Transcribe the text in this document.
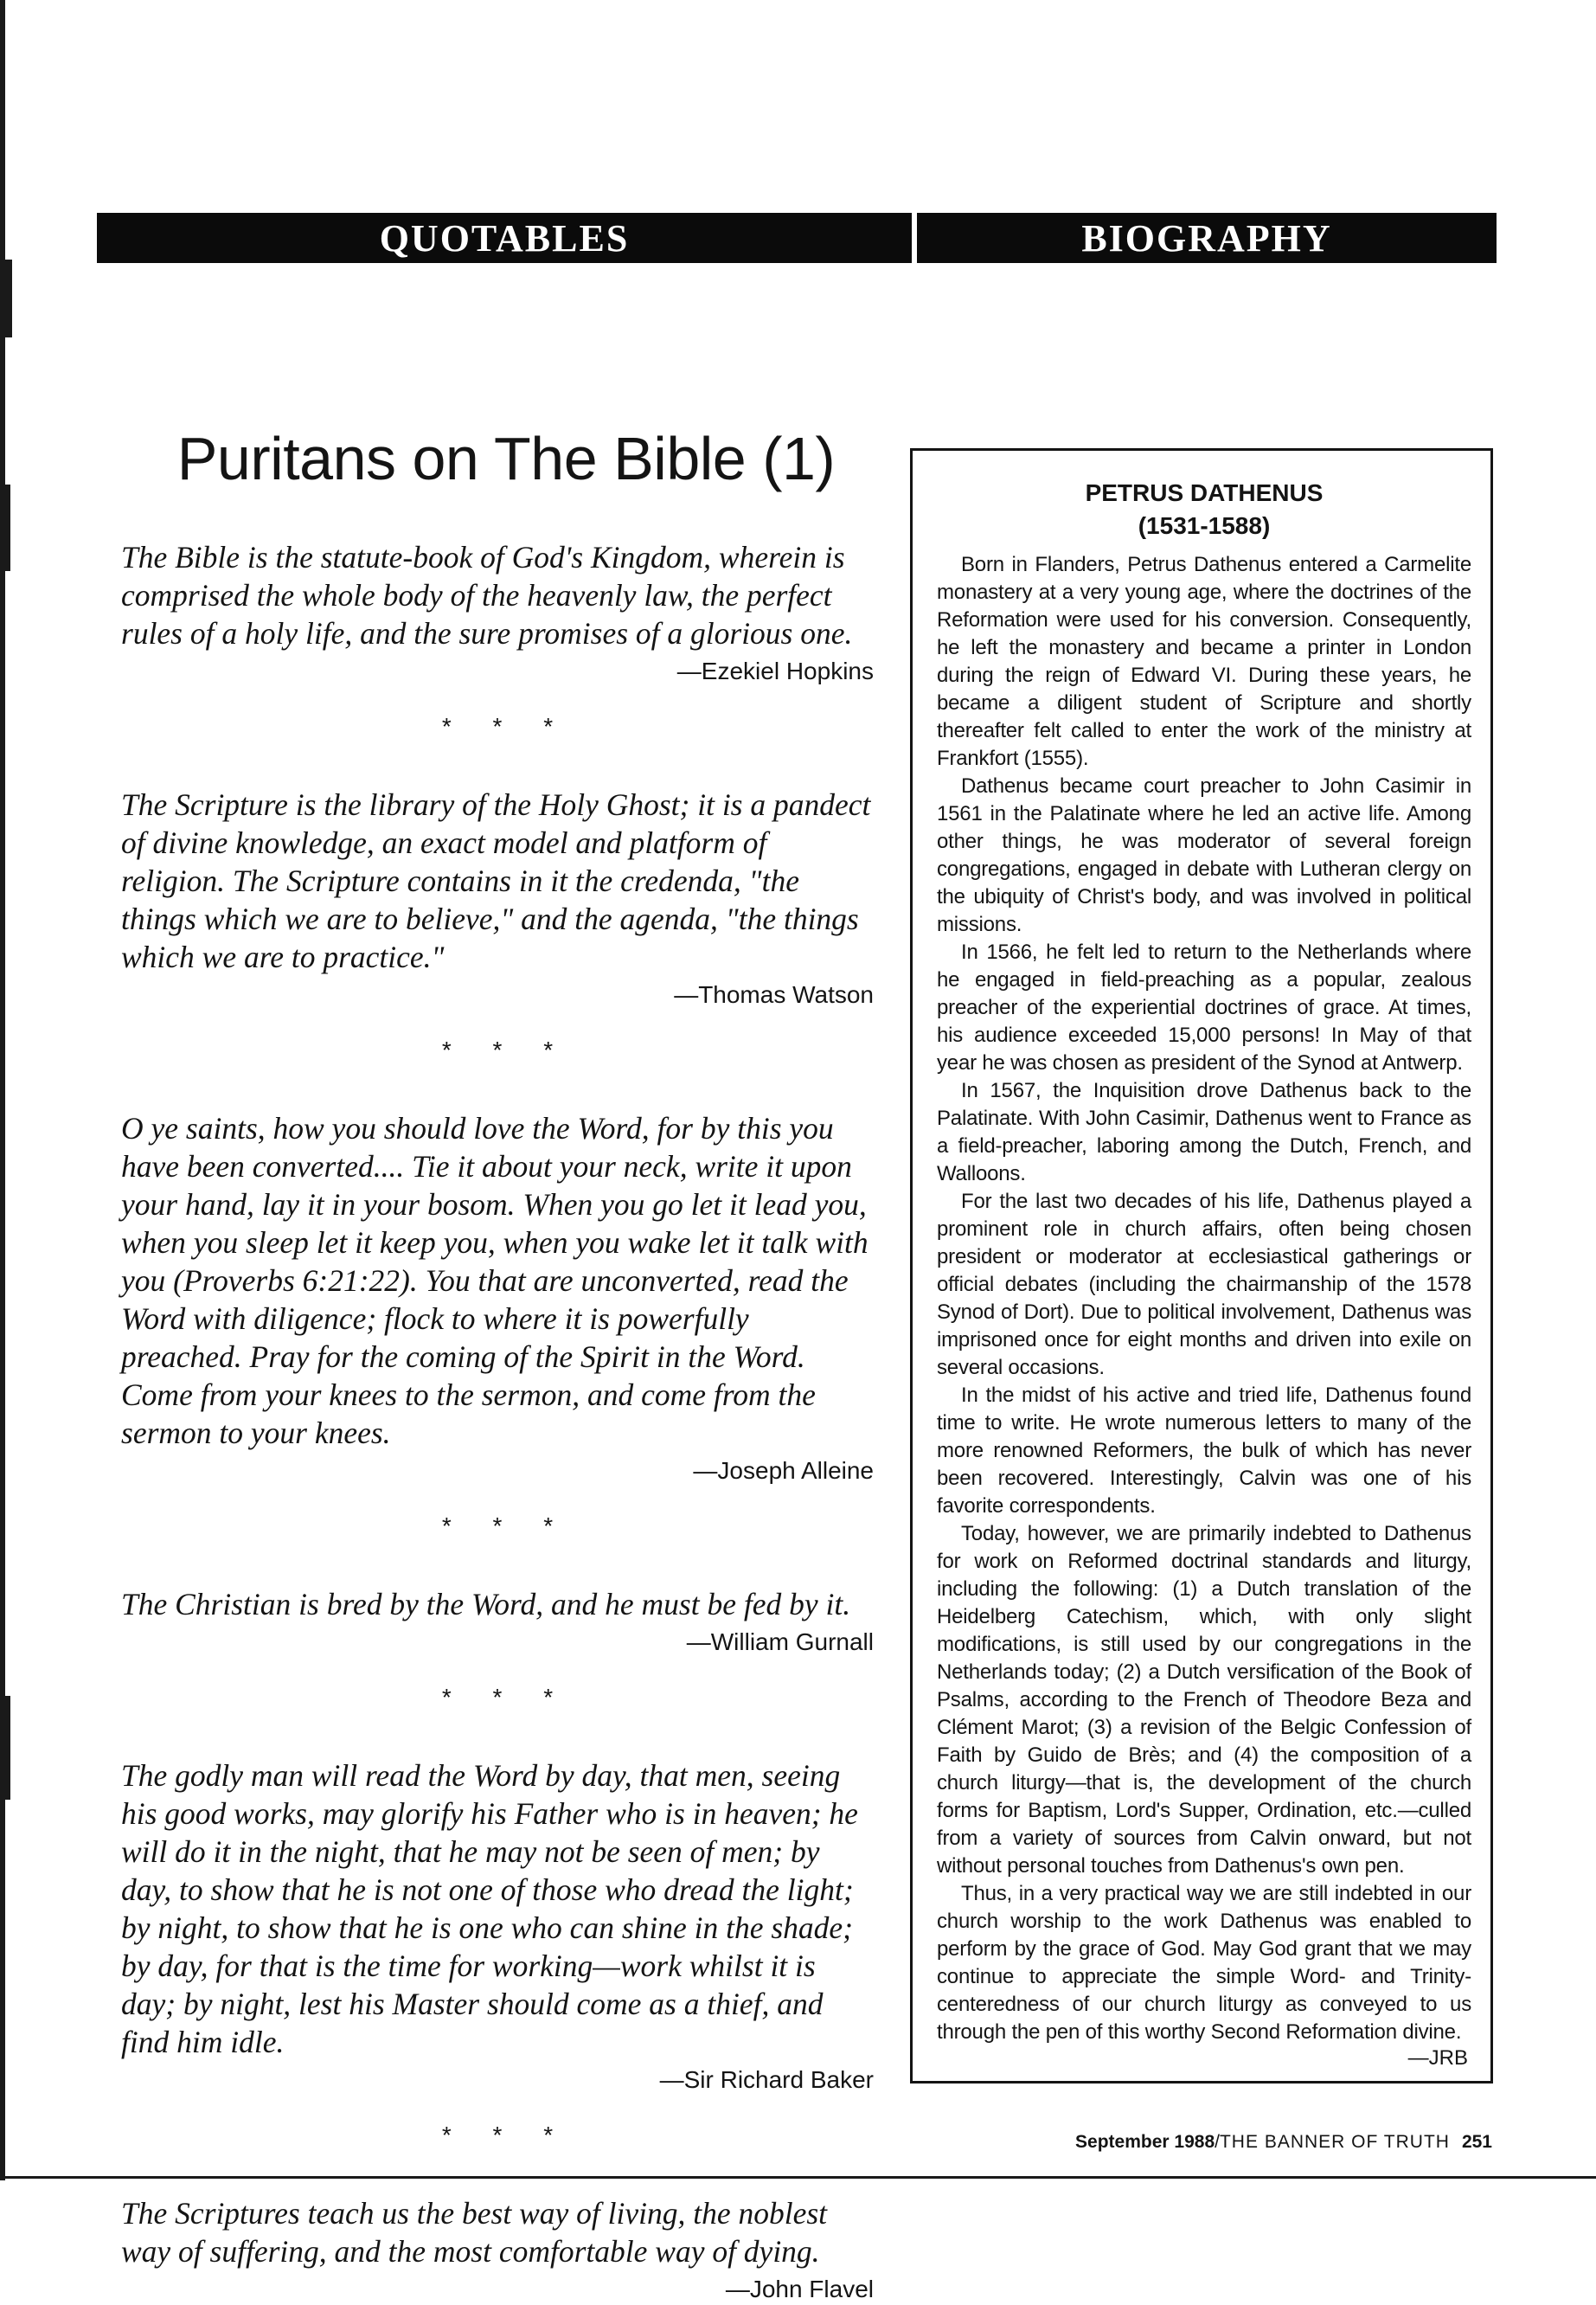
QUOTABLES	BIOGRAPHY
Puritans on The Bible (1)

The Bible is the statute-book of God's Kingdom, wherein is comprised the whole body of the heavenly law, the perfect rules of a holy life, and the sure promises of a glorious one.

—Ezekiel Hopkins

* * *

The Scripture is the library of the Holy Ghost; it is a pandect of divine knowledge, an exact model and platform of religion. The Scripture contains in it the credenda, "the things which we are to believe," and the agenda, "the things which we are to practice."

—Thomas Watson

* * *

O ye saints, how you should love the Word, for by this you have been converted.... Tie it about your neck, write it upon your hand, lay it in your bosom. When you go let it lead you, when you sleep let it keep you, when you wake let it talk with you (Proverbs 6:21:22). You that are unconverted, read the Word with diligence; flock to where it is powerfully preached. Pray for the coming of the Spirit in the Word. Come from your knees to the sermon, and come from the sermon to your knees.

—Joseph Alleine

* * *

The Christian is bred by the Word, and he must be fed by it.

—William Gurnall

* * *

The godly man will read the Word by day, that men, seeing his good works, may glorify his Father who is in heaven; he will do it in the night, that he may not be seen of men; by day, to show that he is not one of those who dread the light; by night, to show that he is one who can shine in the shade; by day, for that is the time for working—work whilst it is day; by night, lest his Master should come as a thief, and find him idle.

—Sir Richard Baker

* * *

The Scriptures teach us the best way of living, the noblest way of suffering, and the most comfortable way of dying.

—John Flavel

PETRUS DATHENUS

(1531-1588)

Born in Flanders, Petrus Dathenus entered a Carmelite monastery at a very young age, where the doctrines of the Reformation were used for his conversion. Consequently, he left the monastery and became a printer in London during the reign of Edward VI. During these years, he became a diligent student of Scripture and shortly thereafter felt called to enter the work of the ministry at Frankfort (1555).

Dathenus became court preacher to John Casimir in 1561 in the Palatinate where he led an active life. Among other things, he was moderator of several foreign congregations, engaged in debate with Lutheran clergy on the ubiquity of Christ's body, and was involved in political missions.

In 1566, he felt led to return to the Netherlands where he engaged in field-preaching as a popular, zealous preacher of the experiential doctrines of grace. At times, his audience exceeded 15,000 persons! In May of that year he was chosen as president of the Synod at Antwerp.

In 1567, the Inquisition drove Dathenus back to the Palatinate. With John Casimir, Dathenus went to France as a field-preacher, laboring among the Dutch, French, and Walloons.

For the last two decades of his life, Dathenus played a prominent role in church affairs, often being chosen president or moderator at ecclesiastical gatherings or official debates (including the chairmanship of the 1578 Synod of Dort). Due to political involvement, Dathenus was imprisoned once for eight months and driven into exile on several occasions.

In the midst of his active and tried life, Dathenus found time to write. He wrote numerous letters to many of the more renowned Reformers, the bulk of which has never been recovered. Interestingly, Calvin was one of his favorite correspondents.

Today, however, we are primarily indebted to Dathenus for work on Reformed doctrinal standards and liturgy, including the following: (1) a Dutch translation of the Heidelberg Catechism, which, with only slight modifications, is still used by our congregations in the Netherlands today; (2) a Dutch versification of the Book of Psalms, according to the French of Theodore Beza and Clément Marot; (3) a revision of the Belgic Confession of Faith by Guido de Brès; and (4) the composition of a church liturgy—that is, the development of the church forms for Baptism, Lord's Supper, Ordination, etc.—culled from a variety of sources from Calvin onward, but not without personal touches from Dathenus's own pen.

Thus, in a very practical way we are still indebted in our church worship to the work Dathenus was enabled to perform by the grace of God. May God grant that we may continue to appreciate the simple Word- and Trinity-centeredness of our church liturgy as conveyed to us through the pen of this worthy Second Reformation divine.

—JRB

September 1988/THE BANNER OF TRUTH 251
